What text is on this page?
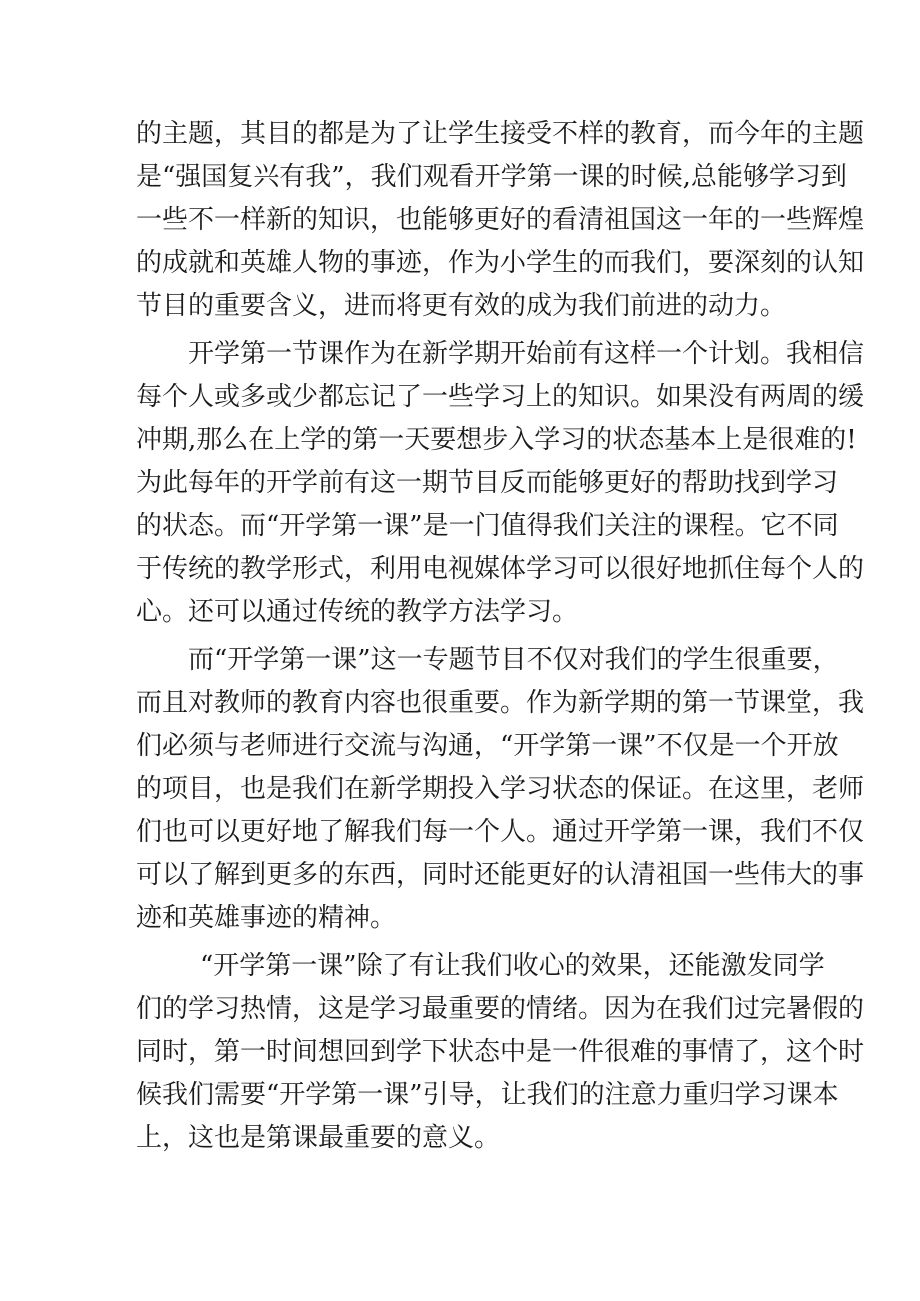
的主题，其目的都是为了让学生接受不样的教育，而今年的主题
是“强国复兴有我”，我们观看开学第一课的时候,总能够学习到
一些不一样新的知识，也能够更好的看清祖国这一年的一些辉煌
的成就和英雄人物的事迹，作为小学生的而我们，要深刻的认知
节目的重要含义，进而将更有效的成为我们前进的动力。
开学第一节课作为在新学期开始前有这样一个计划。我相信
每个人或多或少都忘记了一些学习上的知识。如果没有两周的缓
冲期,那么在上学的第一天要想步入学习的状态基本上是很难的!
为此每年的开学前有这一期节目反而能够更好的帮助找到学习
的状态。而“开学第一课”是一门值得我们关注的课程。它不同
于传统的教学形式，利用电视媒体学习可以很好地抓住每个人的
心。还可以通过传统的教学方法学习。
而“开学第一课”这一专题节目不仅对我们的学生很重要，
而且对教师的教育内容也很重要。作为新学期的第一节课堂，我
们必须与老师进行交流与沟通，“开学第一课”不仅是一个开放
的项目，也是我们在新学期投入学习状态的保证。在这里，老师
们也可以更好地了解我们每一个人。通过开学第一课，我们不仅
可以了解到更多的东西，同时还能更好的认清祖国一些伟大的事
迹和英雄事迹的精神。
“开学第一课”除了有让我们收心的效果，还能激发同学
们的学习热情，这是学习最重要的情绪。因为在我们过完暑假的
同时，第一时间想回到学下状态中是一件很难的事情了，这个时
候我们需要“开学第一课”引导，让我们的注意力重归学习课本
上，这也是第课最重要的意义。
